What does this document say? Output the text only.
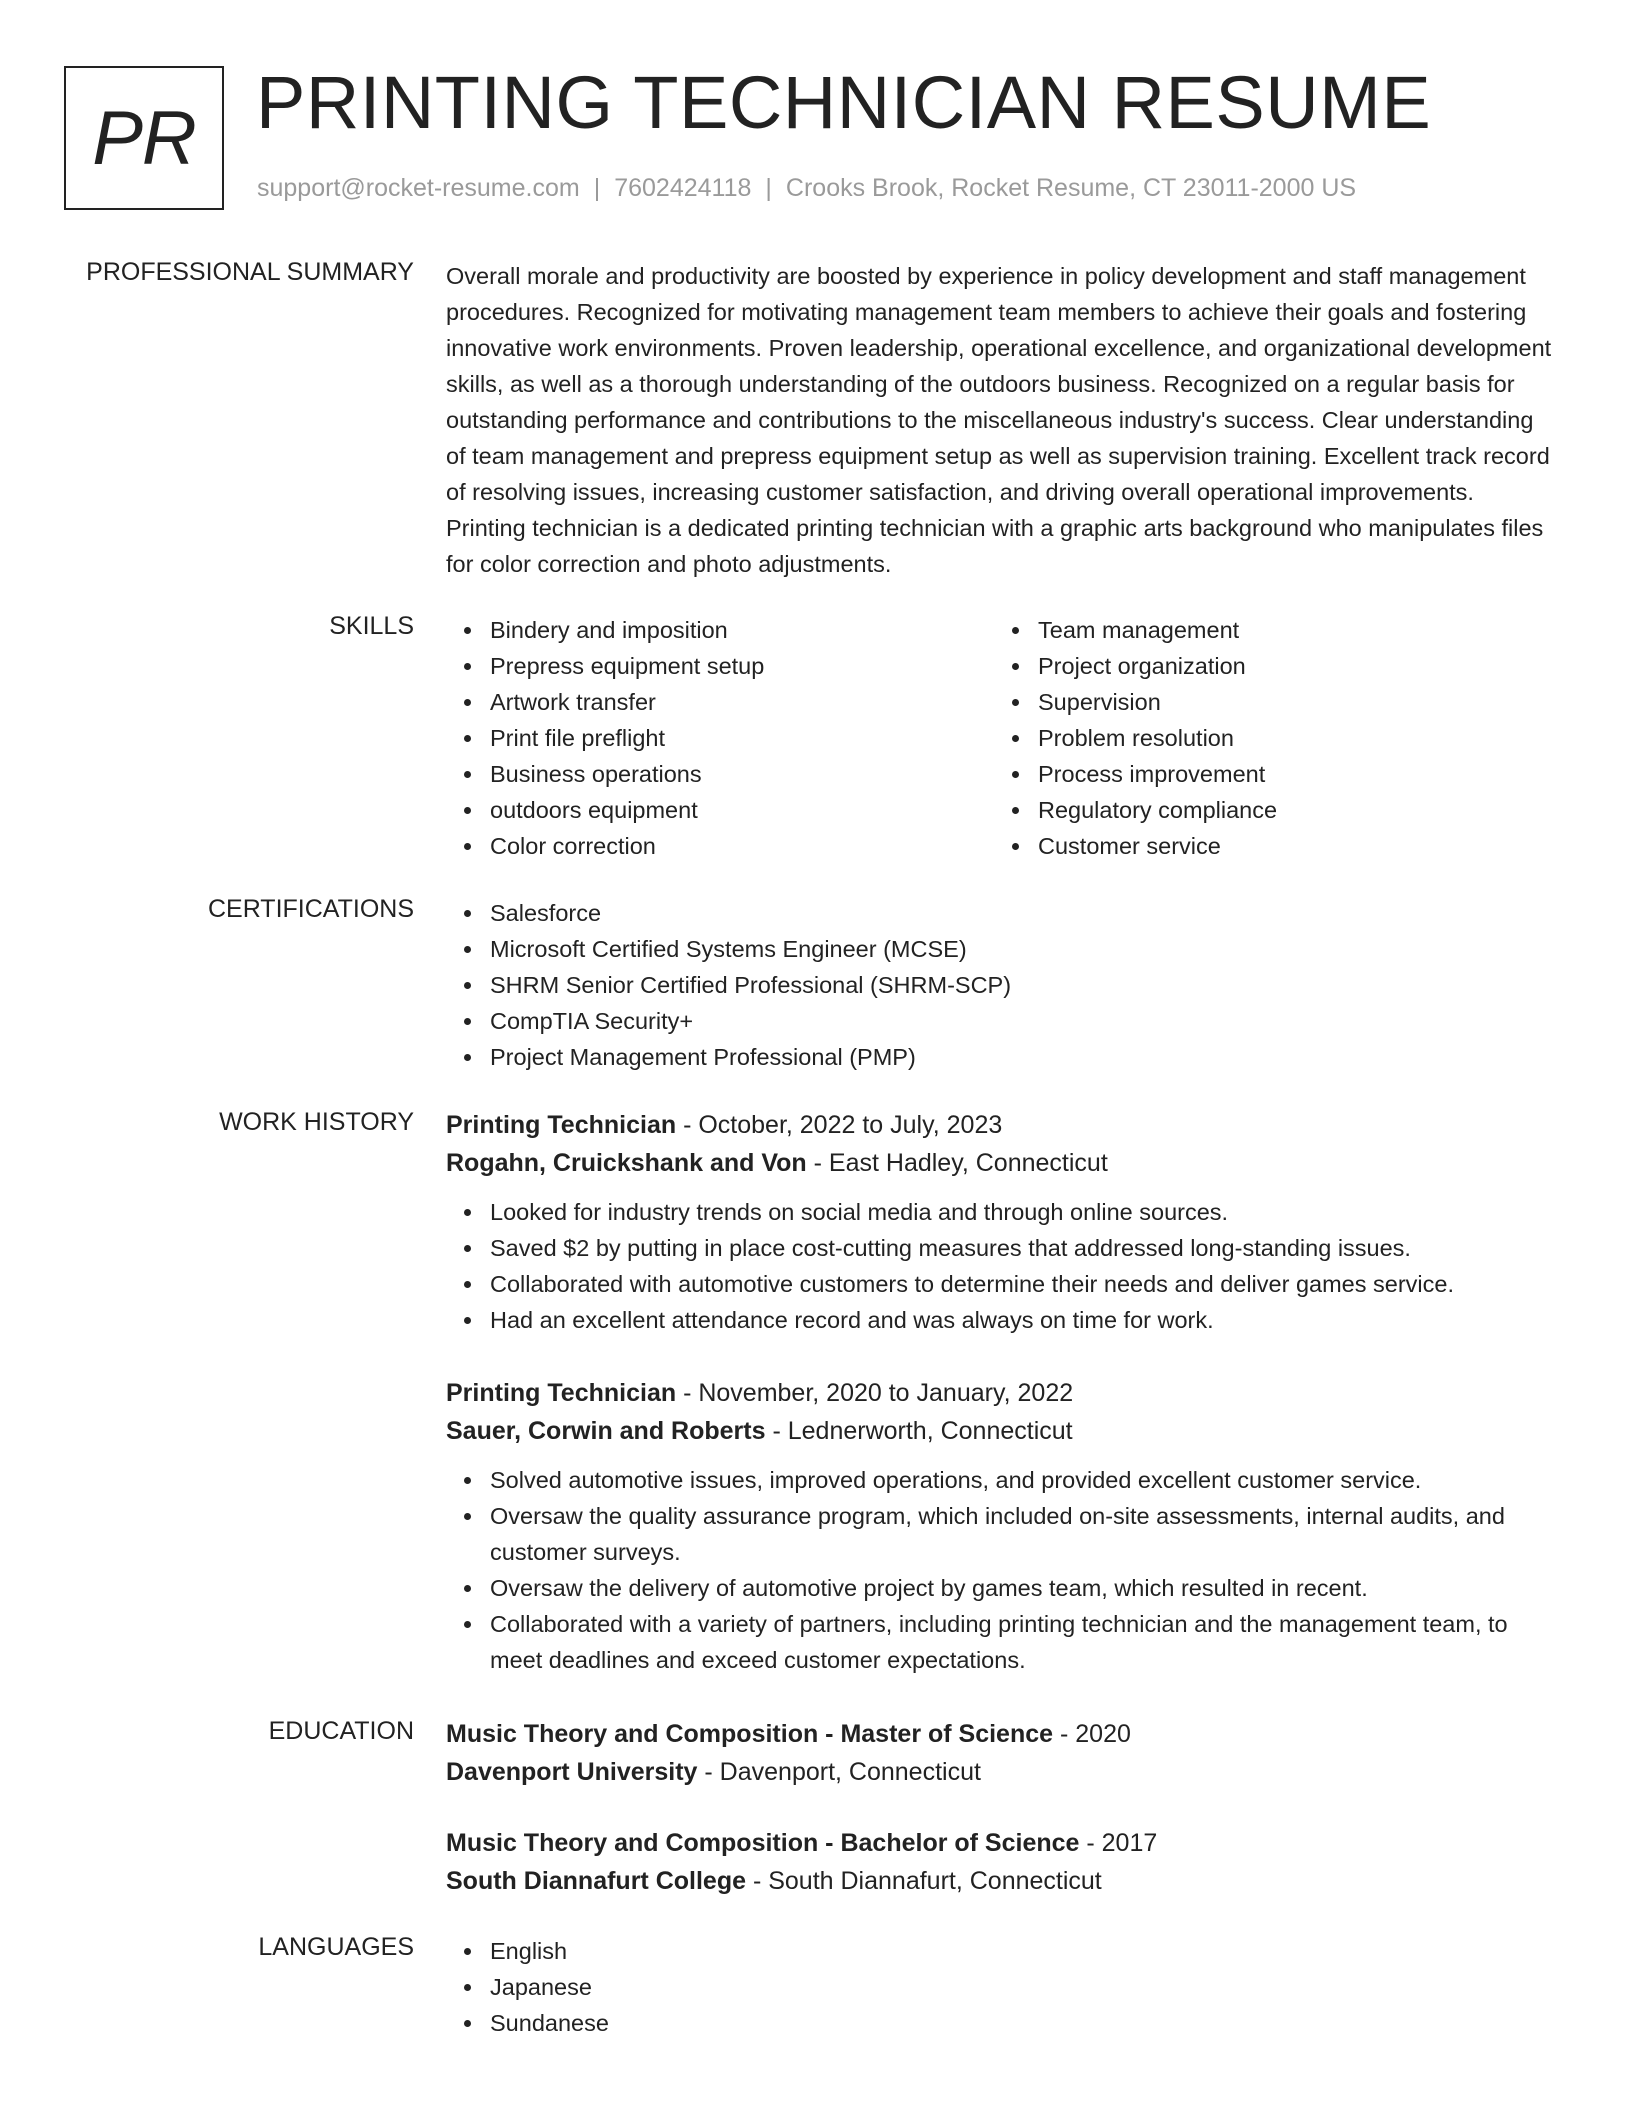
PR PRINTING TECHNICIAN RESUME
support@rocket-resume.com | 7602424118 | Crooks Brook, Rocket Resume, CT 23011-2000 US
PROFESSIONAL SUMMARY Overall morale and productivity are boosted by experience in policy development and staff management procedures. Recognized for motivating management team members to achieve their goals and fostering innovative work environments. Proven leadership, operational excellence, and organizational development skills, as well as a thorough understanding of the outdoors business. Recognized on a regular basis for outstanding performance and contributions to the miscellaneous industry's success. Clear understanding of team management and prepress equipment setup as well as supervision training. Excellent track record of resolving issues, increasing customer satisfaction, and driving overall operational improvements. Printing technician is a dedicated printing technician with a graphic arts background who manipulates files for color correction and photo adjustments.
SKILLS	Bindery and imposition
Prepress equipment setup
Artwork transfer
Print file preflight
Business operations
outdoors equipment
Color correction
Team management
Project organization
Supervision
Problem resolution
Process improvement
Regulatory compliance
Customer service
CERTIFICATIONS	Salesforce
Microsoft Certified Systems Engineer (MCSE)
SHRM Senior Certified Professional (SHRM-SCP)
CompTIA Security+
Project Management Professional (PMP)
WORK HISTORY Printing Technician - October, 2022 to July, 2023
Rogahn, Cruickshank and Von - East Hadley, Connecticut
Looked for industry trends on social media and through online sources.
Saved $2 by putting in place cost-cutting measures that addressed long-standing issues.
Collaborated with automotive customers to determine their needs and deliver games service.
Had an excellent attendance record and was always on time for work.
Printing Technician - November, 2020 to January, 2022
Sauer, Corwin and Roberts - Lednerworth, Connecticut
Solved automotive issues, improved operations, and provided excellent customer service.
Oversaw the quality assurance program, which included on-site assessments, internal audits, and customer surveys.
Oversaw the delivery of automotive project by games team, which resulted in recent.
Collaborated with a variety of partners, including printing technician and the management team, to meet deadlines and exceed customer expectations.
EDUCATION Music Theory and Composition - Master of Science - 2020
Davenport University - Davenport, Connecticut
Music Theory and Composition - Bachelor of Science - 2017
South Diannafurt College - South Diannafurt, Connecticut
LANGUAGES	English
Japanese
Sundanese
